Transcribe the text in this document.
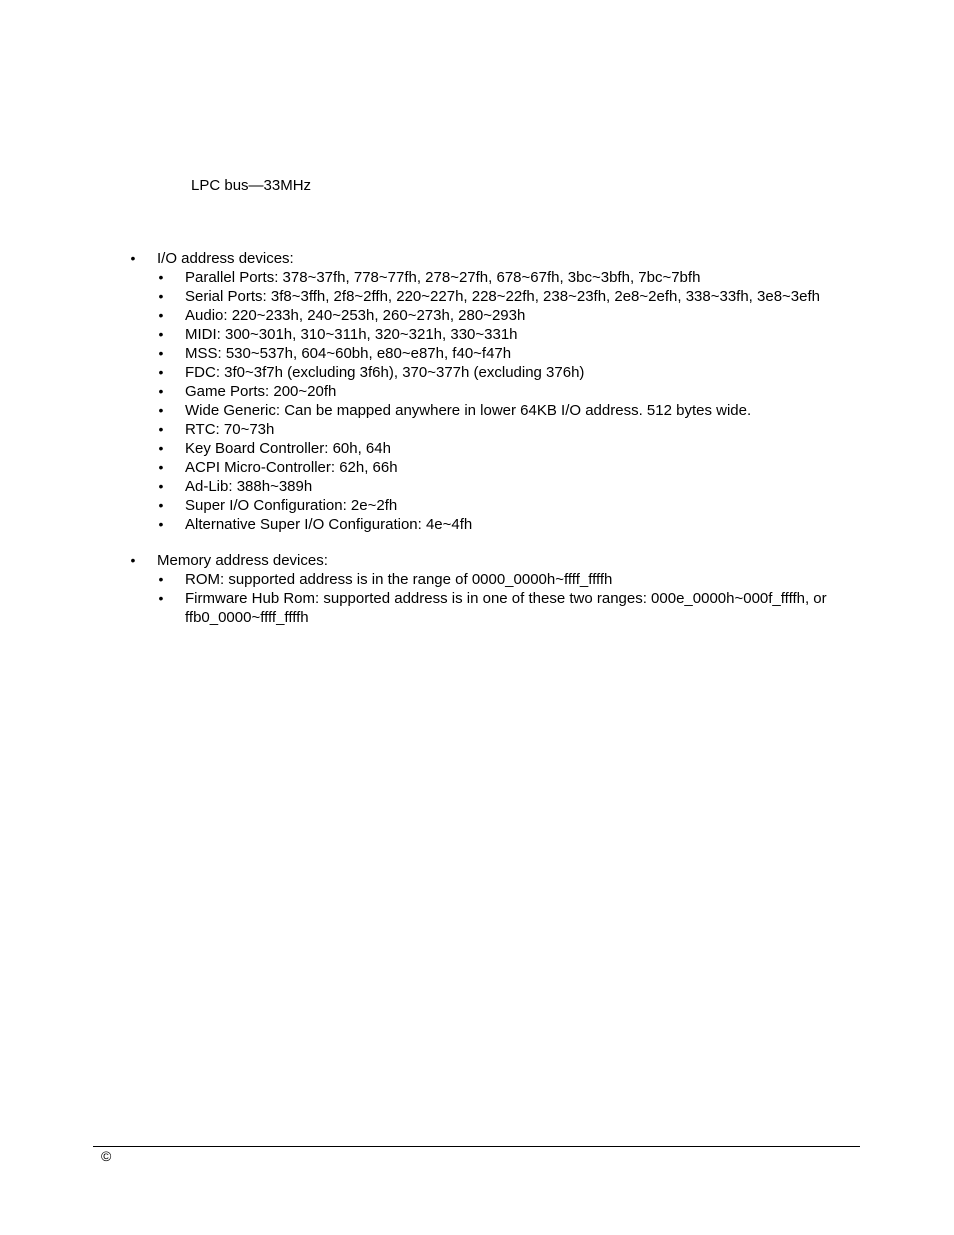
LPC bus—33MHz
• I/O address devices:
• Parallel Ports: 378~37fh, 778~77fh, 278~27fh, 678~67fh, 3bc~3bfh, 7bc~7bfh
• Serial Ports: 3f8~3ffh, 2f8~2ffh, 220~227h, 228~22fh, 238~23fh, 2e8~2efh, 338~33fh, 3e8~3efh
• Audio: 220~233h, 240~253h, 260~273h, 280~293h
• MIDI: 300~301h, 310~311h, 320~321h, 330~331h
• MSS: 530~537h, 604~60bh, e80~e87h, f40~f47h
• FDC: 3f0~3f7h (excluding 3f6h), 370~377h (excluding 376h)
• Game Ports: 200~20fh
• Wide Generic: Can be mapped anywhere in lower 64KB I/O address. 512 bytes wide.
• RTC: 70~73h
• Key Board Controller: 60h, 64h
• ACPI Micro-Controller: 62h, 66h
• Ad-Lib: 388h~389h
• Super I/O Configuration: 2e~2fh
• Alternative Super I/O Configuration: 4e~4fh
• Memory address devices:
• ROM: supported address is in the range of 0000_0000h~ffff_ffffh
• Firmware Hub Rom: supported address is in one of these two ranges: 000e_0000h~000f_ffffh, or ffb0_0000~ffff_ffffh
©
